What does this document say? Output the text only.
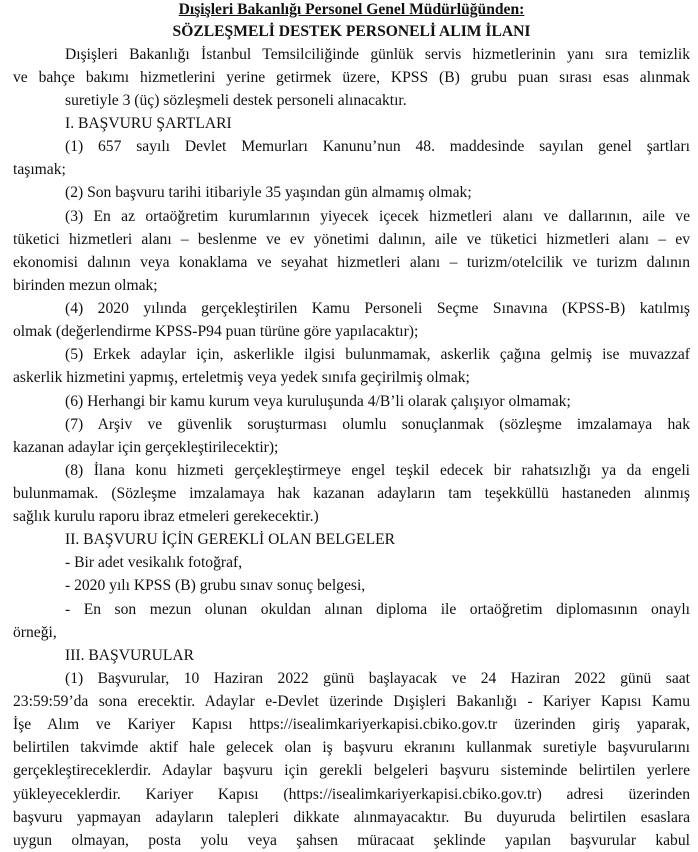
Dışişleri Bakanlığı Personel Genel Müdürlüğünden:
SÖZLEŞMELİ DESTEK PERSONELİ ALIM İLANI
Dışişleri Bakanlığı İstanbul Temsilciliğinde günlük servis hizmetlerinin yanı sıra temizlik
ve bahçe bakımı hizmetlerini yerine getirmek üzere, KPSS (B) grubu puan sırası esas alınmak
suretiyle 3 (üç) sözleşmeli destek personeli alınacaktır.
I. BAŞVURU ŞARTLARI
(1) 657 sayılı Devlet Memurları Kanunu’nun 48. maddesinde sayılan genel şartları
taşımak;
(2) Son başvuru tarihi itibariyle 35 yaşından gün almamış olmak;
(3) En az ortaöğretim kurumlarının yiyecek içecek hizmetleri alanı ve dallarının, aile ve
tüketici hizmetleri alanı – beslenme ve ev yönetimi dalının, aile ve tüketici hizmetleri alanı – ev
ekonomisi dalının veya konaklama ve seyahat hizmetleri alanı – turizm/otelcilik ve turizm dalının
birinden mezun olmak;
(4) 2020 yılında gerçekleştirilen Kamu Personeli Seçme Sınavına (KPSS-B) katılmış
olmak (değerlendirme KPSS-P94 puan türüne göre yapılacaktır);
(5) Erkek adaylar için, askerlikle ilgisi bulunmamak, askerlik çağına gelmiş ise muvazzaf
askerlik hizmetini yapmış, erteletmiş veya yedek sınıfa geçirilmiş olmak;
(6) Herhangi bir kamu kurum veya kuruluşunda 4/B’li olarak çalışıyor olmamak;
(7) Arşiv ve güvenlik soruşturması olumlu sonuçlanmak (sözleşme imzalamaya hak
kazanan adaylar için gerçekleştirilecektir);
(8) İlana konu hizmeti gerçekleştirmeye engel teşkil edecek bir rahatsızlığı ya da engeli
bulunmamak. (Sözleşme imzalamaya hak kazanan adayların tam teşekküllü hastaneden alınmış
sağlık kurulu raporu ibraz etmeleri gerekecektir.)
II. BAŞVURU İÇİN GEREKLİ OLAN BELGELER
- Bir adet vesikalık fotoğraf,
- 2020 yılı KPSS (B) grubu sınav sonuç belgesi,
- En son mezun olunan okuldan alınan diploma ile ortaöğretim diplomasının onaylı
örneği,
III. BAŞVURULAR
(1) Başvurular, 10 Haziran 2022 günü başlayacak ve 24 Haziran 2022 günü saat
23:59:59’da sona erecektir. Adaylar e-Devlet üzerinde Dışişleri Bakanlığı - Kariyer Kapısı Kamu
İşe Alım ve Kariyer Kapısı https://isealimkariyerkapisi.cbiko.gov.tr üzerinden giriş yaparak,
belirtilen takvimde aktif hale gelecek olan iş başvuru ekranını kullanmak suretiyle başvurularını
gerçekleştireceklerdir. Adaylar başvuru için gerekli belgeleri başvuru sisteminde belirtilen yerlere
yükleyeceklerdir. Kariyer Kapısı (https://isealimkariyerkapisi.cbiko.gov.tr) adresi üzerinden
başvuru yapmayan adayların talepleri dikkate alınmayacaktır. Bu duyuruda belirtilen esaslara
uygun olmayan, posta yolu veya şahsen müracaat şeklinde yapılan başvurular kabul
